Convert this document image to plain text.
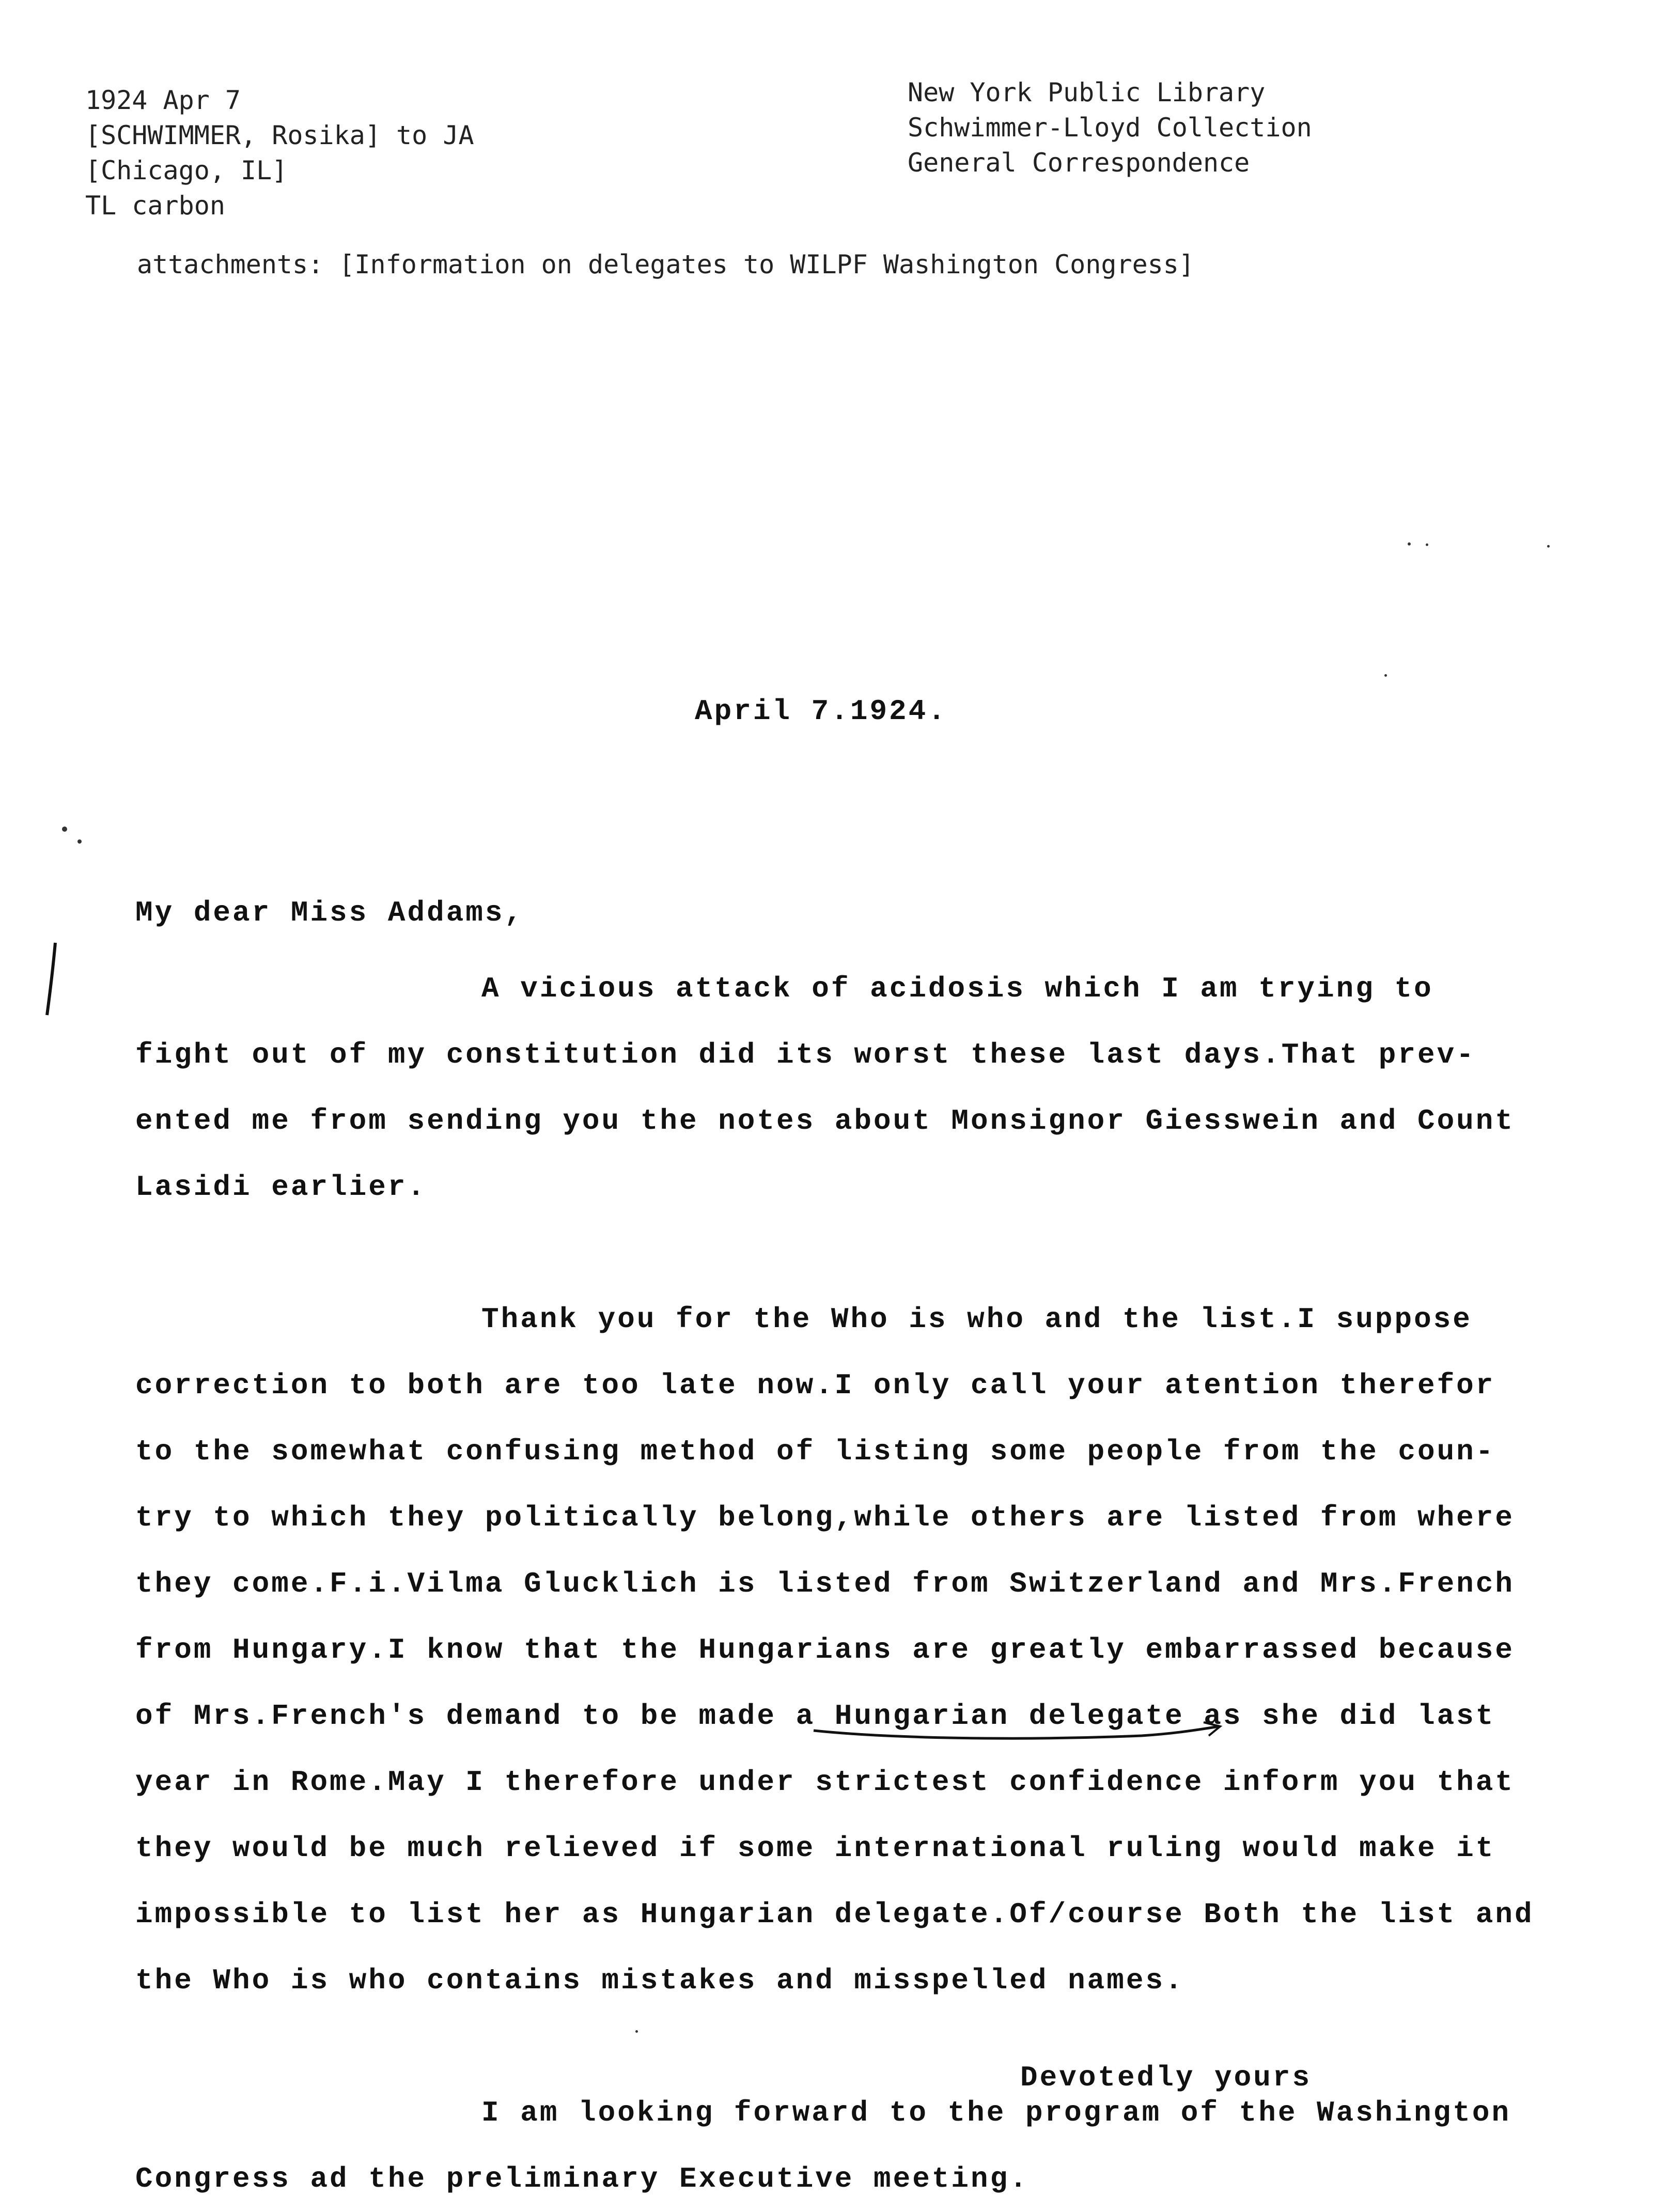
1924 Apr 7
[SCHWIMMER, Rosika] to JA
[Chicago, IL]
TL carbon
New York Public Library
Schwimmer-Lloyd Collection
General Correspondence
attachments: [Information on delegates to WILPF Washington Congress]
April 7.1924.
My dear Miss Addams,
A vicious attack of acidosis which I am trying to
fight out of my constitution did its worst these last days.That prev-
ented me from sending you the notes about Monsignor Giesswein and Count
Lasidi earlier.
Thank you for the Who is who and the list.I suppose
correction to both are too late now.I only call your atention therefor
to the somewhat confusing method of listing some people from the coun-
try to which they politically belong,while others are listed from where
they come.F.i.Vilma Glucklich is listed from Switzerland and Mrs.French
from Hungary.I know that the Hungarians are greatly embarrassed because
of Mrs.French's demand to be made a Hungarian delegate as she did last
year in Rome.May I therefore under strictest confidence inform you that
they would be much relieved if some international ruling would make it
impossible to list her as Hungarian delegate.Of/course Both the list and
the Who is who contains mistakes and misspelled names.
I am looking forward to the program of the Washington
Congress ad the preliminary Executive meeting.
Devotedly yours
